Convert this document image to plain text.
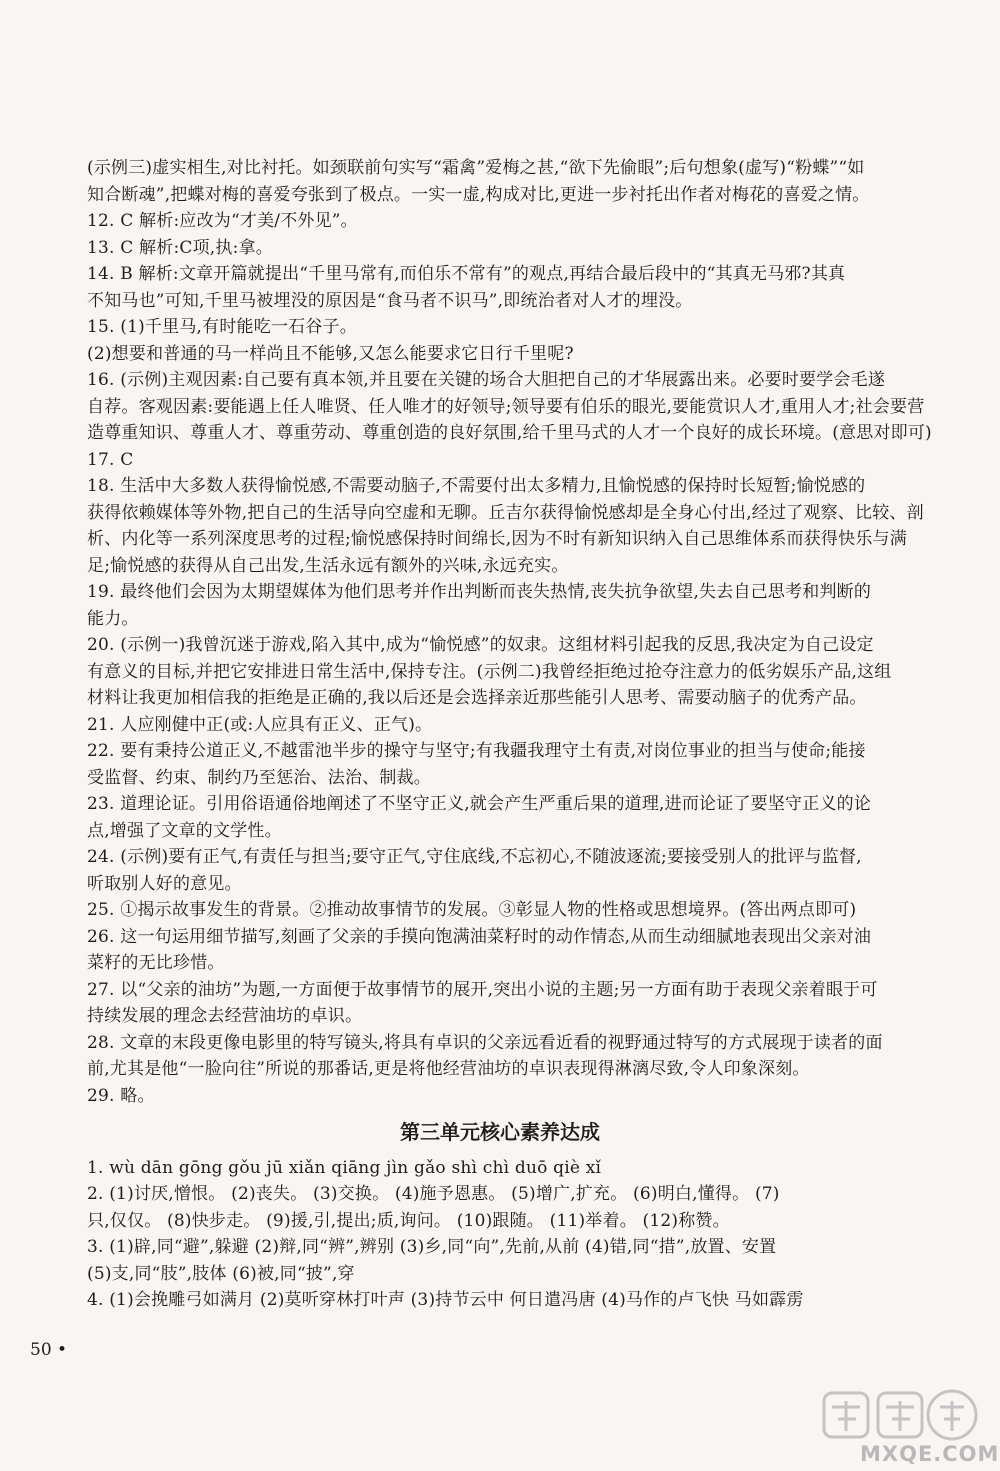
(示例三)虚实相生,对比衬托。如颈联前句实写“霜禽”爱梅之甚,“欲下先偷眼”;后句想象(虚写)“粉蝶”“如
知合断魂”,把蝶对梅的喜爱夸张到了极点。一实一虚,构成对比,更进一步衬托出作者对梅花的喜爱之情。
12. C 解析:应改为“才美/不外见”。
13. C 解析:C项,执:拿。
14. B 解析:文章开篇就提出“千里马常有,而伯乐不常有”的观点,再结合最后段中的“其真无马邪?其真
不知马也”可知,千里马被埋没的原因是“食马者不识马”,即统治者对人才的埋没。
15. (1)千里马,有时能吃一石谷子。
(2)想要和普通的马一样尚且不能够,又怎么能要求它日行千里呢?
16. (示例)主观因素:自己要有真本领,并且要在关键的场合大胆把自己的才华展露出来。必要时要学会毛遂
自荐。客观因素:要能遇上任人唯贤、任人唯才的好领导;领导要有伯乐的眼光,要能赏识人才,重用人才;社会要营
造尊重知识、尊重人才、尊重劳动、尊重创造的良好氛围,给千里马式的人才一个良好的成长环境。(意思对即可)
17. C
18. 生活中大多数人获得愉悦感,不需要动脑子,不需要付出太多精力,且愉悦感的保持时长短暂;愉悦感的
获得依赖媒体等外物,把自己的生活导向空虚和无聊。丘吉尔获得愉悦感却是全身心付出,经过了观察、比较、剖
析、内化等一系列深度思考的过程;愉悦感保持时间绵长,因为不时有新知识纳入自己思维体系而获得快乐与满
足;愉悦感的获得从自己出发,生活永远有额外的兴味,永远充实。
19. 最终他们会因为太期望媒体为他们思考并作出判断而丧失热情,丧失抗争欲望,失去自己思考和判断的
能力。
20. (示例一)我曾沉迷于游戏,陷入其中,成为“愉悦感”的奴隶。这组材料引起我的反思,我决定为自己设定
有意义的目标,并把它安排进日常生活中,保持专注。(示例二)我曾经拒绝过抢夺注意力的低劣娱乐产品,这组
材料让我更加相信我的拒绝是正确的,我以后还是会选择亲近那些能引人思考、需要动脑子的优秀产品。
21. 人应刚健中正(或:人应具有正义、正气)。
22. 要有秉持公道正义,不越雷池半步的操守与坚守;有我疆我理守土有责,对岗位事业的担当与使命;能接
受监督、约束、制约乃至惩治、法治、制裁。
23. 道理论证。引用俗语通俗地阐述了不坚守正义,就会产生严重后果的道理,进而论证了要坚守正义的论
点,增强了文章的文学性。
24. (示例)要有正气,有责任与担当;要守正气,守住底线,不忘初心,不随波逐流;要接受别人的批评与监督,
听取别人好的意见。
25. ①揭示故事发生的背景。②推动故事情节的发展。③彰显人物的性格或思想境界。(答出两点即可)
26. 这一句运用细节描写,刻画了父亲的手摸向饱满油菜籽时的动作情态,从而生动细腻地表现出父亲对油
菜籽的无比珍惜。
27. 以“父亲的油坊”为题,一方面便于故事情节的展开,突出小说的主题;另一方面有助于表现父亲着眼于可
持续发展的理念去经营油坊的卓识。
28. 文章的末段更像电影里的特写镜头,将具有卓识的父亲远看近看的视野通过特写的方式展现于读者的面
前,尤其是他“一脸向往”所说的那番话,更是将他经营油坊的卓识表现得淋漓尽致,令人印象深刻。
29. 略。
第三单元核心素养达成
1. wù dān gōng gǒu jū xiǎn qiāng jìn gǎo shì chì duō qiè xǐ
2. (1)讨厌,憎恨。 (2)丧失。 (3)交换。 (4)施予恩惠。 (5)增广,扩充。 (6)明白,懂得。 (7)
只,仅仅。 (8)快步走。 (9)援,引,提出;质,询问。 (10)跟随。 (11)举着。 (12)称赞。
3. (1)辟,同“避”,躲避 (2)辩,同“辨”,辨别 (3)乡,同“向”,先前,从前 (4)错,同“措”,放置、安置
(5)支,同“肢”,肢体 (6)被,同“披”,穿
4. (1)会挽雕弓如满月 (2)莫听穿林打叶声 (3)持节云中 何日遣冯唐 (4)马作的卢飞快 马如霹雳
50 •
MXQE.COM
